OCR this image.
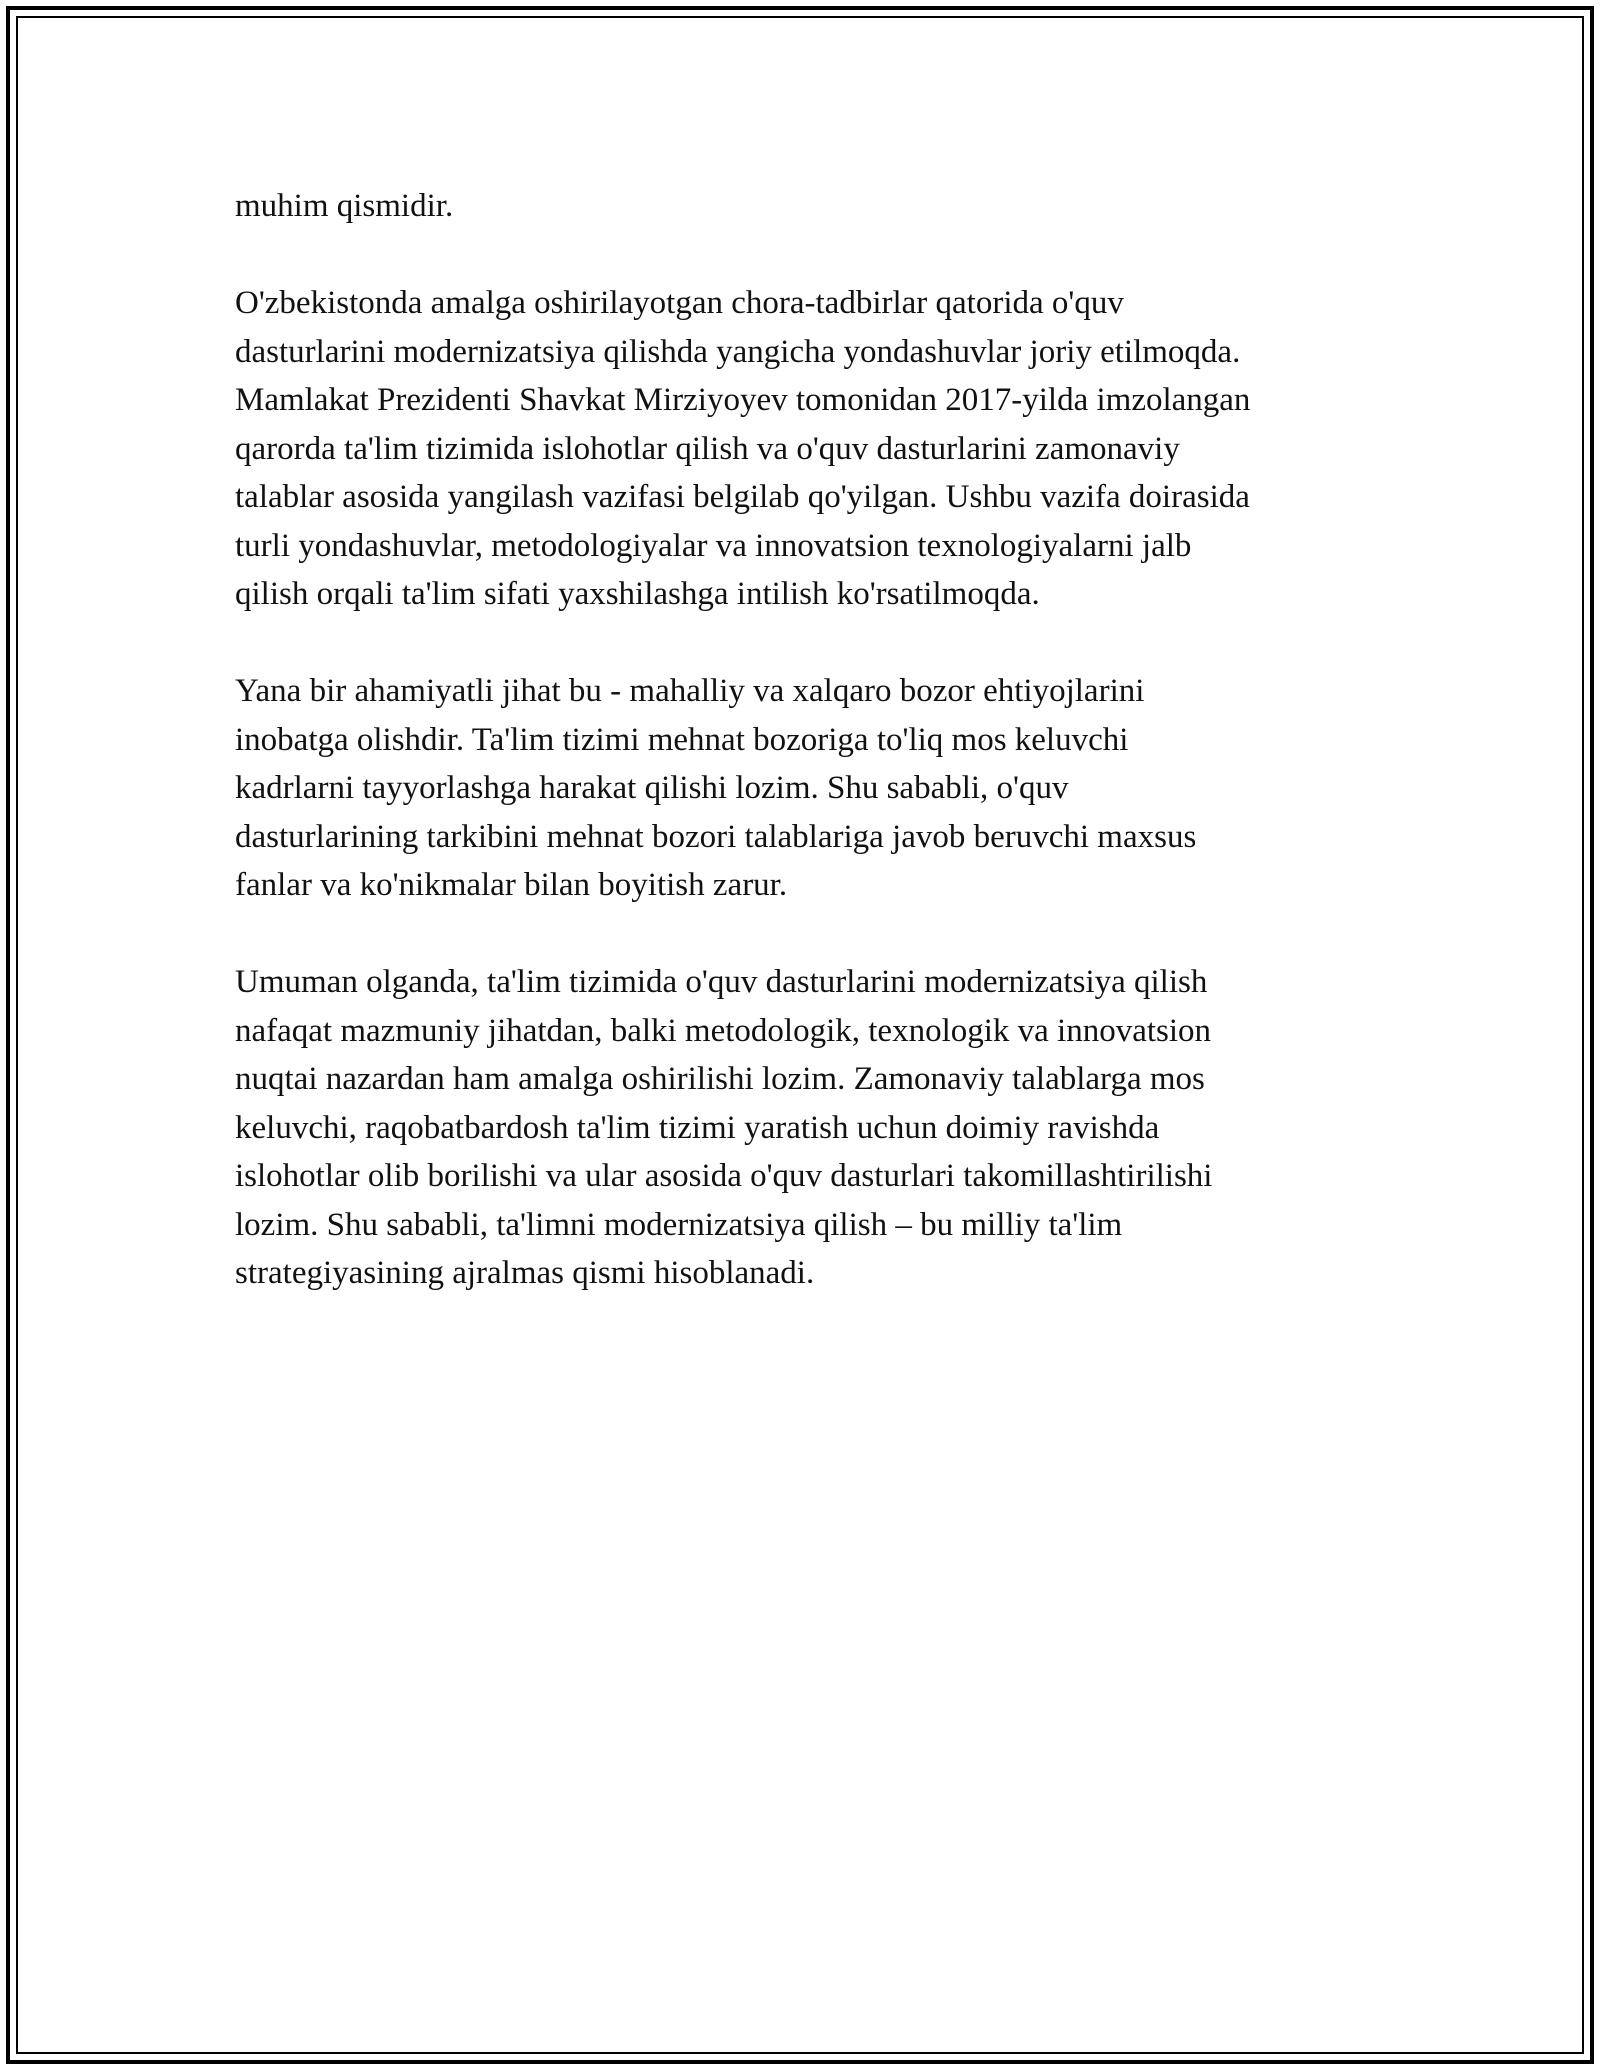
muhim qismidir.

O'zbekistonda amalga oshirilayotgan chora-tadbirlar qatorida o'quv
dasturlarini modernizatsiya qilishda yangicha yondashuvlar joriy etilmoqda.
Mamlakat Prezidenti Shavkat Mirziyoyev tomonidan 2017-yilda imzolangan
qarorda ta'lim tizimida islohotlar qilish va o'quv dasturlarini zamonaviy
talablar asosida yangilash vazifasi belgilab qo'yilgan. Ushbu vazifa doirasida
turli yondashuvlar, metodologiyalar va innovatsion texnologiyalarni jalb
qilish orqali ta'lim sifati yaxshilashga intilish ko'rsatilmoqda.

Yana bir ahamiyatli jihat bu - mahalliy va xalqaro bozor ehtiyojlarini
inobatga olishdir. Ta'lim tizimi mehnat bozoriga to'liq mos keluvchi
kadrlarni tayyorlashga harakat qilishi lozim. Shu sababli, o'quv
dasturlarining tarkibini mehnat bozori talablariga javob beruvchi maxsus
fanlar va ko'nikmalar bilan boyitish zarur.

Umuman olganda, ta'lim tizimida o'quv dasturlarini modernizatsiya qilish
nafaqat mazmuniy jihatdan, balki metodologik, texnologik va innovatsion
nuqtai nazardan ham amalga oshirilishi lozim. Zamonaviy talablarga mos
keluvchi, raqobatbardosh ta'lim tizimi yaratish uchun doimiy ravishda
islohotlar olib borilishi va ular asosida o'quv dasturlari takomillashtirilishi
lozim. Shu sababli, ta'limni modernizatsiya qilish – bu milliy ta'lim
strategiyasining ajralmas qismi hisoblanadi.
